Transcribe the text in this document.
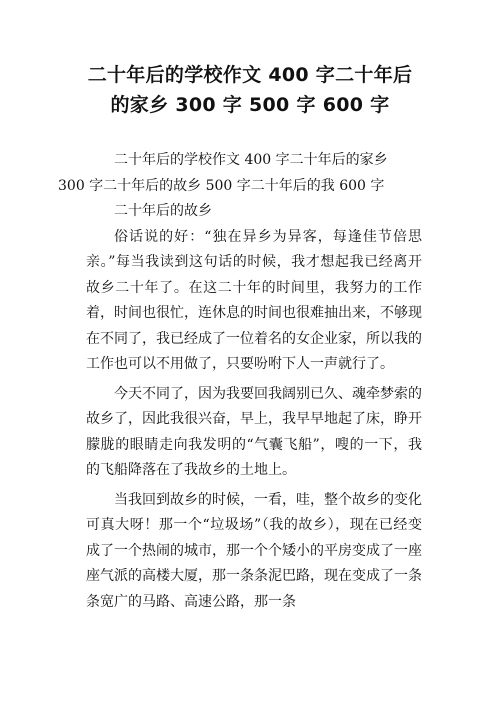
二十年后的学校作文 400 字二十年后
的家乡 300 字 500 字 600 字

二十年后的学校作文 400 字二十年后的家乡

300 字二十年后的故乡 500 字二十年后的我 600 字

二十年后的故乡

俗话说的好：“独在异乡为异客，每逢佳节倍思亲。”每当我读到这句话的时候，我才想起我已经离开故乡二十年了。在这二十年的时间里，我努力的工作着，时间也很忙，连休息的时间也很难抽出来，不够现在不同了，我已经成了一位着名的女企业家，所以我的工作也可以不用做了，只要吩咐下人一声就行了。

今天不同了，因为我要回我阔别已久、魂牵梦索的故乡了，因此我很兴奋，早上，我早早地起了床，睁开朦胧的眼睛走向我发明的“气囊飞船”，嗖的一下，我的飞船降落在了我故乡的土地上。

当我回到故乡的时候，一看，哇，整个故乡的变化可真大呀！那一个“垃圾场”（我的故乡），现在已经变成了一个热闹的城市，那一个个矮小的平房变成了一座座气派的高楼大厦，那一条条泥巴路，现在变成了一条条宽广的马路、高速公路，那一条
